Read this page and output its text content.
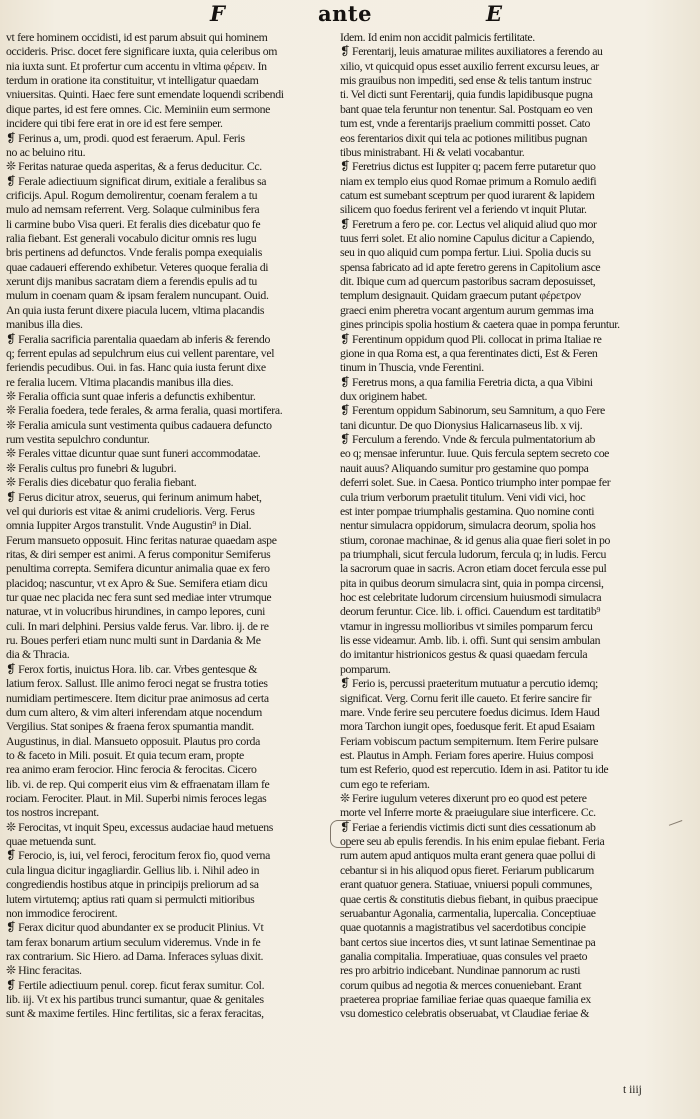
F	ante	E
vt fere hominem occidisti, id est parum absuit qui hominem
occideris. Prisc. docet fere significare iuxta, quia celeribus om
nia iuxta sunt. Et profertur cum accentu in vltima φέρειν. In
terdum in oratione ita constituitur, vt intelligatur quaedam
vniuersitas. Quinti. Haec fere sunt emendate loquendi scribendi
dique partes, id est fere omnes. Cic. Meminiin eum sermone
incidere qui tibi fere erat in ore id est fere semper.
❡ Ferinus a, um, prodi. quod est feraerum. Apul. Feris
no ac beluino ritu.
❊ Feritas naturae queda asperitas, & a ferus deducitur. Cc.
❡ Ferale adiectiuum significat dirum, exitiale a feralibus sa
crificijs. Apul. Rogum demolirentur, coenam feralem a tu
mulo ad nemsam referrent. Verg. Solaque culminibus fera
li carmine bubo Visa queri. Et feralis dies dicebatur quo fe
ralia fiebant. Est generali vocabulo dicitur omnis res lugu
bris pertinens ad defunctos. Vnde feralis pompa exequialis
quae cadaueri efferendo exhibetur. Veteres quoque feralia di
xerunt dijs manibus sacratam diem a ferendis epulis ad tu
mulum in coenam quam & ipsam feralem nuncupant. Ouid.
An quia iusta ferunt dixere piacula lucem, vltima placandis
manibus illa dies.
❡ Feralia sacrificia parentalia quaedam ab inferis & ferendo
q; ferrent epulas ad sepulchrum eius cui vellent parentare, vel
feriendis pecudibus. Oui. in fas. Hanc quia iusta ferunt dixe
re feralia lucem. Vltima placandis manibus illa dies.
❊ Feralia officia sunt quae inferis a defunctis exhibentur.
❊ Feralia foedera, tede ferales, & arma feralia, quasi mortifera.
❊ Feralia amicula sunt vestimenta quibus cadauera defuncto
rum vestita sepulchro conduntur.
❊ Ferales vittae dicuntur quae sunt funeri accommodatae.
❊ Feralis cultus pro funebri & lugubri.
❊ Feralis dies dicebatur quo feralia fiebant.
❡ Ferus dicitur atrox, seuerus, qui ferinum animum habet,
vel qui durioris est vitae & animi crudelioris. Verg. Ferus
omnia Iuppiter Argos transtulit. Vnde Augustin⁹ in Dial.
Ferum mansueto opposuit. Hinc feritas naturae quaedam aspe
ritas, & diri semper est animi. A ferus componitur Semiferus
penultima correpta. Semifera dicuntur animalia quae ex fero
placidoq; nascuntur, vt ex Apro & Sue. Semifera etiam dicu
tur quae nec placida nec fera sunt sed mediae inter vtrumque
naturae, vt in volucribus hirundines, in campo lepores, cuni
culi. In mari delphini. Persius valde ferus. Var. libro. ij. de re
ru. Boues perferi etiam nunc multi sunt in Dardania & Me
dia & Thracia.
❡ Ferox fortis, inuictus Hora. lib. car. Vrbes gentesque &
latium ferox. Sallust. Ille animo feroci negat se frustra toties
numidiam pertimescere. Item dicitur prae animosus ad certa
dum cum altero, & vim alteri inferendam atque nocendum
Vergilius. Stat sonipes & fraena ferox spumantia mandit.
Augustinus, in dial. Mansueto opposuit. Plautus pro corda
to & faceto in Mili. posuit. Et quia tecum eram, propte
rea animo eram ferocior. Hinc ferocia & ferocitas. Cicero
lib. vi. de rep. Qui comperit eius vim & effraenatam illam fe
rociam. Ferociter. Plaut. in Mil. Superbi nimis feroces legas
tos nostros increpant.
❊ Ferocitas, vt inquit Speu, excessus audaciae haud metuens
quae metuenda sunt.
❡ Ferocio, is, iui, vel feroci, ferocitum ferox fio, quod verna
cula lingua dicitur ingagliardir. Gellius lib. i. Nihil adeo in
congrediendis hostibus atque in principijs preliorum ad sa
lutem virtutemq; aptius rati quam si permulcti mitioribus
non immodice ferocirent.
❡ Ferax dicitur quod abundanter ex se producit Plinius. Vt
tam ferax bonarum artium seculum videremus. Vnde in fe
rax contrarium. Sic Hiero. ad Dama. Inferaces syluas dixit.
❊ Hinc feracitas.
❡ Fertile adiectiuum penul. corep. ficut ferax sumitur. Col.
lib. iij. Vt ex his partibus trunci sumantur, quae & genitales
sunt & maxime fertiles. Hinc fertilitas, sic a ferax feracitas,
Idem. Id enim non accidit palmicis fertilitate.
❡ Ferentarij, leuis amaturae milites auxiliatores a ferendo au
xilio, vt quicquid opus esset auxilio ferrent excursu leues, ar
mis grauibus non impediti, sed ense & telis tantum instruc
ti. Vel dicti sunt Ferentarij, quia fundis lapidibusque pugna
bant quae tela feruntur non tenentur. Sal. Postquam eo ven
tum est, vnde a ferentarijs praelium committi posset. Cato
eos ferentarios dixit qui tela ac potiones militibus pugnan
tibus ministrabant. Hi & velati vocabantur.
❡ Feretrius dictus est Iuppiter q; pacem ferre putaretur quo
niam ex templo eius quod Romae primum a Romulo aedifi
catum est sumebant sceptrum per quod iurarent & lapidem
silicem quo foedus ferirent vel a feriendo vt inquit Plutar.
❡ Feretrum a fero pe. cor. Lectus vel aliquid aliud quo mor
tuus ferri solet. Et alio nomine Capulus dicitur a Capiendo,
seu in quo aliquid cum pompa fertur. Liui. Spolia ducis su
spensa fabricato ad id apte feretro gerens in Capitolium asce
dit. Ibique cum ad quercum pastoribus sacram deposuisset,
templum designauit. Quidam graecum putant φέρετρον
graeci enim pheretra vocant argentum aurum gemmas ima
gines principis spolia hostium & caetera quae in pompa feruntur.
❡ Ferentinum oppidum quod Pli. collocat in prima Italiae re
gione in qua Roma est, a qua ferentinates dicti, Est & Feren
tinum in Thuscia, vnde Ferentini.
❡ Feretrus mons, a qua familia Feretria dicta, a qua Vibini
dux originem habet.
❡ Ferentum oppidum Sabinorum, seu Samnitum, a quo Fere
tani dicuntur. De quo Dionysius Halicarnaseus lib. x vij.
❡ Ferculum a ferendo. Vnde & fercula pulmentatorium ab
eo q; mensae inferuntur. Iuue. Quis fercula septem secreto coe
nauit auus? Aliquando sumitur pro gestamine quo pompa
deferri solet. Sue. in Caesa. Pontico triumpho inter pompae fer
cula trium verborum praetulit titulum. Veni vidi vici, hoc
est inter pompae triumphalis gestamina. Quo nomine conti
nentur simulacra oppidorum, simulacra deorum, spolia hos
stium, coronae machinae, & id genus alia quae fieri solet in po
pa triumphali, sicut fercula ludorum, fercula q; in ludis. Fercu
la sacrorum quae in sacris. Acron etiam docet fercula esse pul
pita in quibus deorum simulacra sint, quia in pompa circensi,
hoc est celebritate ludorum circensium huiusmodi simulacra
deorum feruntur. Cice. lib. i. offici. Cauendum est tarditatib⁹
vtamur in ingressu mollioribus vt similes pomparum fercu
lis esse videamur. Amb. lib. i. offi. Sunt qui sensim ambulan
do imitantur histrionicos gestus & quasi quaedam fercula
pomparum.
❡ Ferio is, percussi praeteritum mutuatur a percutio idemq;
significat. Verg. Cornu ferit ille caueto. Et ferire sancire fir
mare. Vnde ferire seu percutere foedus dicimus. Idem Haud
mora Tarchon iungit opes, foedusque ferit. Et apud Esaiam
Feriam vobiscum pactum sempiternum. Item Ferire pulsare
est. Plautus in Amph. Feriam fores aperire. Huius composi
tum est Referio, quod est repercutio. Idem in asi. Patitor tu ide
cum ego te referiam.
❊ Ferire iugulum veteres dixerunt pro eo quod est petere
morte vel Inferre morte & praeiugulare siue interficere. Cc.
❡ Feriae a feriendis victimis dicti sunt dies cessationum ab
opere seu ab epulis ferendis. In his enim epulae fiebant. Feria
rum autem apud antiquos multa erant genera quae pollui di
cebantur si in his aliquod opus fieret. Feriarum publicarum
erant quatuor genera. Statiuae, vniuersi populi communes,
quae certis & constitutis diebus fiebant, in quibus praecipue
seruabantur Agonalia, carmentalia, lupercalia. Conceptiuae
quae quotannis a magistratibus vel sacerdotibus concipie
bant certos siue incertos dies, vt sunt latinae Sementinae pa
ganalia compitalia. Imperatiuae, quas consules vel praeto
res pro arbitrio indicebant. Nundinae pannorum ac rusti
corum quibus ad negotia & merces conueniebant. Erant
praeterea propriae familiae feriae quas quaeque familia ex
vsu domestico celebratis obseruabat, vt Claudiae feriae &
t iiij
